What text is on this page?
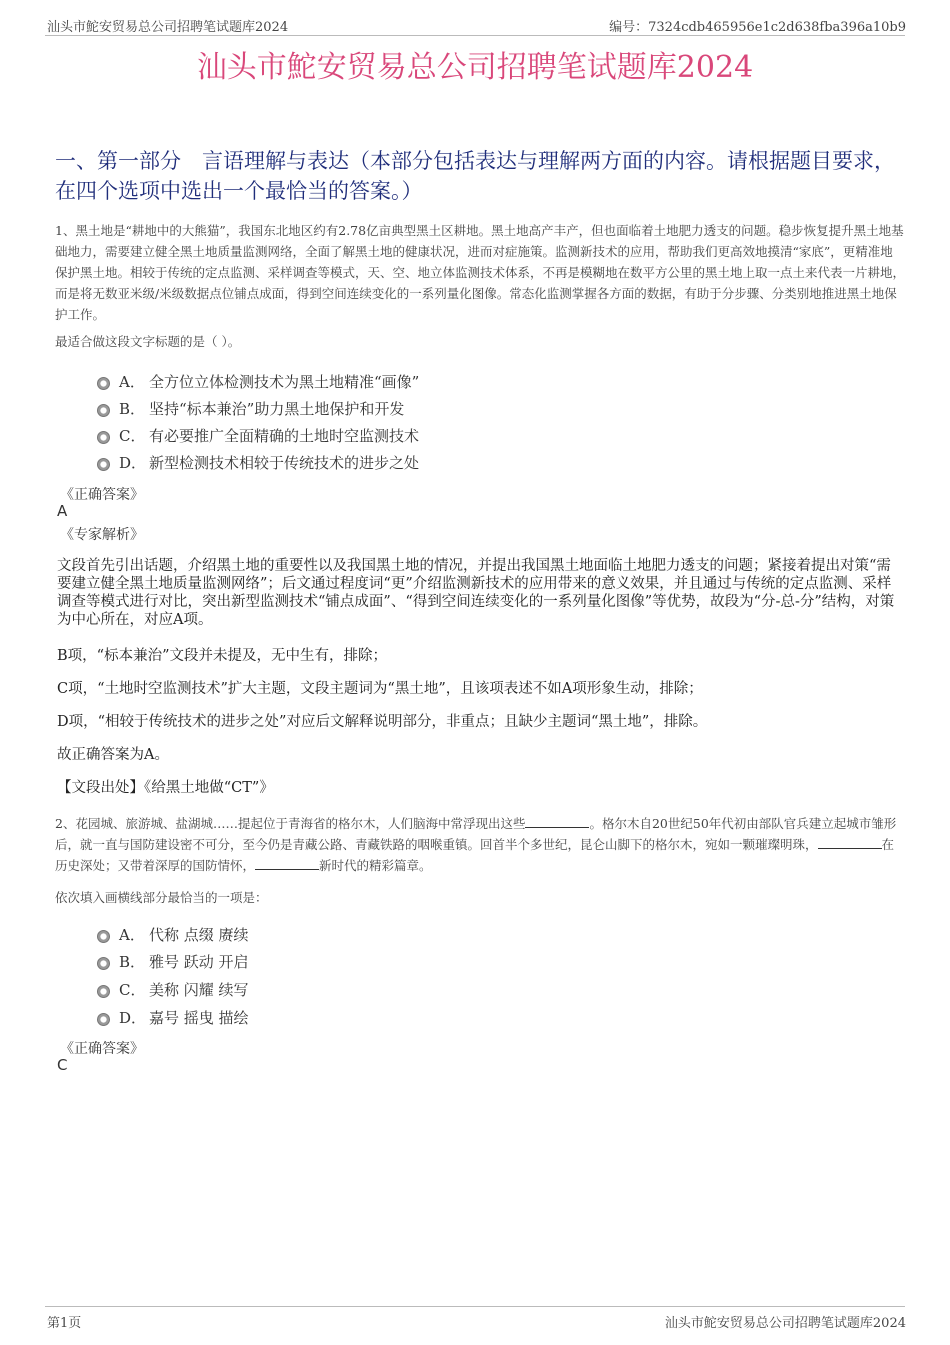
汕头市鮀安贸易总公司招聘笔试题库2024	编号：7324cdb465956e1c2d638fba396a10b9
汕头市鮀安贸易总公司招聘笔试题库2024
一、第一部分　言语理解与表达（本部分包括表达与理解两方面的内容。请根据题目要求，在四个选项中选出一个最恰当的答案。）

1、黑土地是“耕地中的大熊猫”，我国东北地区约有2.78亿亩典型黑土区耕地。黑土地高产丰产，但也面临着土地肥力透支的问题。稳步恢复提升黑土地基础地力，需要建立健全黑土地质量监测网络，全面了解黑土地的健康状况，进而对症施策。监测新技术的应用，帮助我们更高效地摸清“家底”，更精准地保护黑土地。相较于传统的定点监测、采样调查等模式，天、空、地立体监测技术体系，不再是模糊地在数平方公里的黑土地上取一点土来代表一片耕地，而是将无数亚米级/米级数据点位铺点成面，得到空间连续变化的一系列量化图像。常态化监测掌握各方面的数据，有助于分步骤、分类别地推进黑土地保护工作。

最适合做这段文字标题的是（ ）。

A． 全方位立体检测技术为黑土地精准“画像”
B． 坚持“标本兼治”助力黑土地保护和开发
C． 有必要推广全面精确的土地时空监测技术
D． 新型检测技术相较于传统技术的进步之处
《正确答案》
A
《专家解析》

文段首先引出话题，介绍黑土地的重要性以及我国黑土地的情况，并提出我国黑土地面临土地肥力透支的问题；紧接着提出对策“需要建立健全黑土地质量监测网络”；后文通过程度词“更”介绍监测新技术的应用带来的意义效果，并且通过与传统的定点监测、采样调查等模式进行对比，突出新型监测技术“铺点成面”、“得到空间连续变化的一系列量化图像”等优势，故段为“分-总-分”结构，对策为中心所在，对应A项。

B项，“标本兼治”文段并未提及，无中生有，排除；

C项，“土地时空监测技术”扩大主题，文段主题词为“黑土地”，且该项表述不如A项形象生动，排除；

D项，“相较于传统技术的进步之处”对应后文解释说明部分，非重点；且缺少主题词“黑土地”，排除。

故正确答案为A。

【文段出处】《给黑土地做“CT”》

2、花园城、旅游城、盐湖城……提起位于青海省的格尔木，人们脑海中常浮现出这些	。格尔木自20世纪50年代初由部队官兵建立起城市雏形后，就一直与国防建设密不可分，至今仍是青藏公路、青藏铁路的咽喉重镇。回首半个多世纪，昆仑山脚下的格尔木，宛如一颗璀璨明珠，	在历史深处；又带着深厚的国防情怀，	新时代的精彩篇章。

依次填入画横线部分最恰当的一项是：

A． 代称 点缀 赓续
B． 雅号 跃动 开启
C． 美称 闪耀 续写
D． 嘉号 摇曳 描绘
《正确答案》
C
第1页	汕头市鮀安贸易总公司招聘笔试题库2024
